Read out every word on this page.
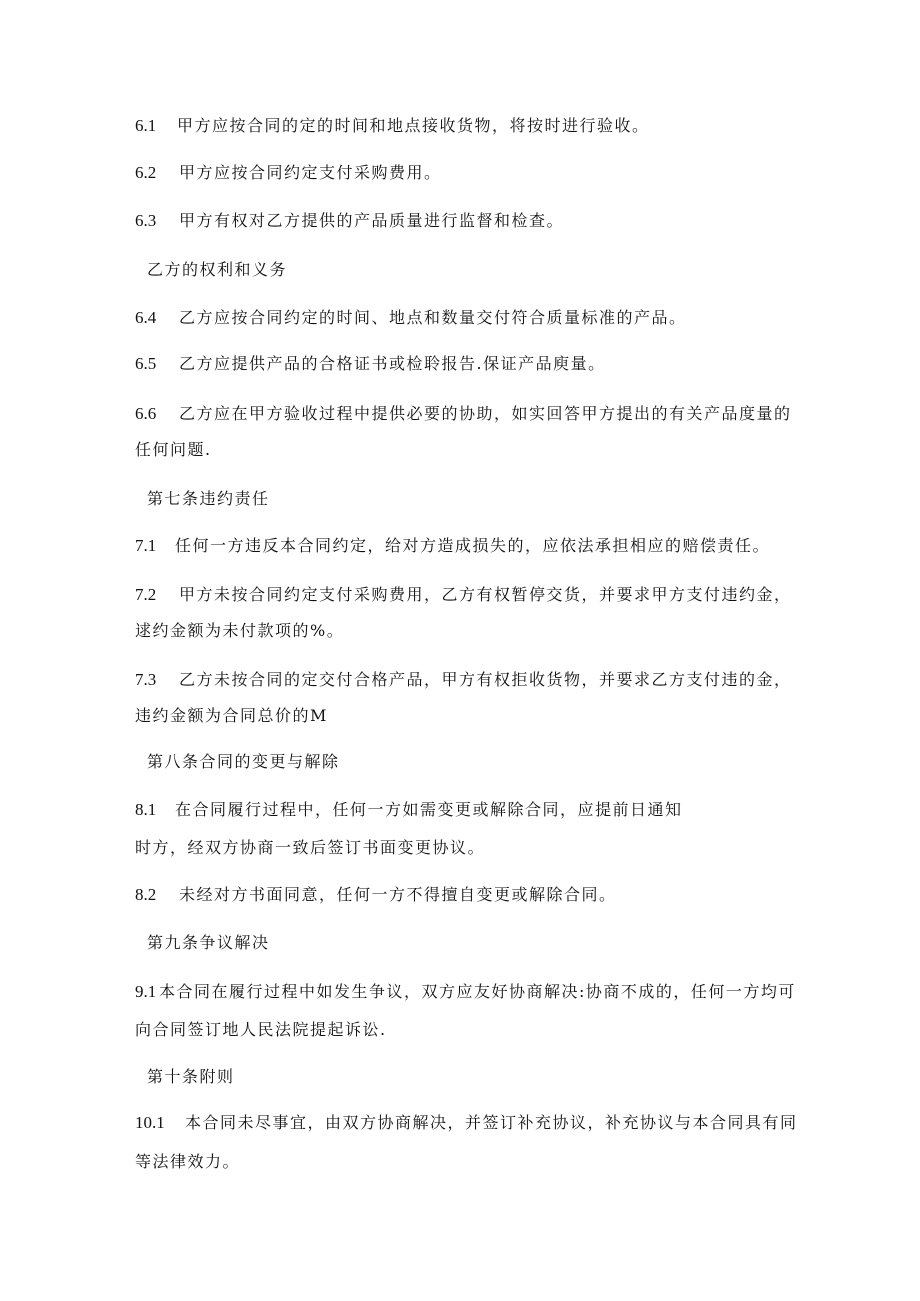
6.1 甲方应按合同的定的时间和地点接收货物，将按时进行验收。
6.2 甲方应按合同约定支付采购费用。
6.3 甲方有权对乙方提供的产品质量进行监督和检查。
乙方的权利和义务
6.4 乙方应按合同约定的时间、地点和数量交付符合质量标准的产品。
6.5 乙方应提供产品的合格证书或检聆报告.保证产品庾量。
6.6 乙方应在甲方验收过程中提供必要的协助，如实回答甲方提出的有关产品度量的
任何问题.
第七条违约责任
7.1 任何一方违反本合同约定，给对方造成损失的，应依法承担相应的赔偿责任。
7.2 甲方未按合同约定支付采购费用，乙方有权暂停交货，并要求甲方支付违约金，
逑约金额为未付款项的%。
7.3 乙方未按合同的定交付合格产品，甲方有权拒收货物，并要求乙方支付违的金，
违约金额为合同总价的M
第八条合同的变更与解除
8.1 在合同履行过程中，任何一方如需变更或解除合同，应提前日通知
时方，经双方协商一致后签订书面变更协议。
8.2 未经对方书面同意，任何一方不得擅自变更或解除合同。
第九条争议解决
9.1 本合同在履行过程中如发生争议，双方应友好协商解决:协商不成的，任何一方均可
向合同签订地人民法院提起诉讼.
第十条附则
10.1 本合同未尽事宜，由双方协商解决，并签订补充协议，补充协议与本合同具有同
等法律效力。
